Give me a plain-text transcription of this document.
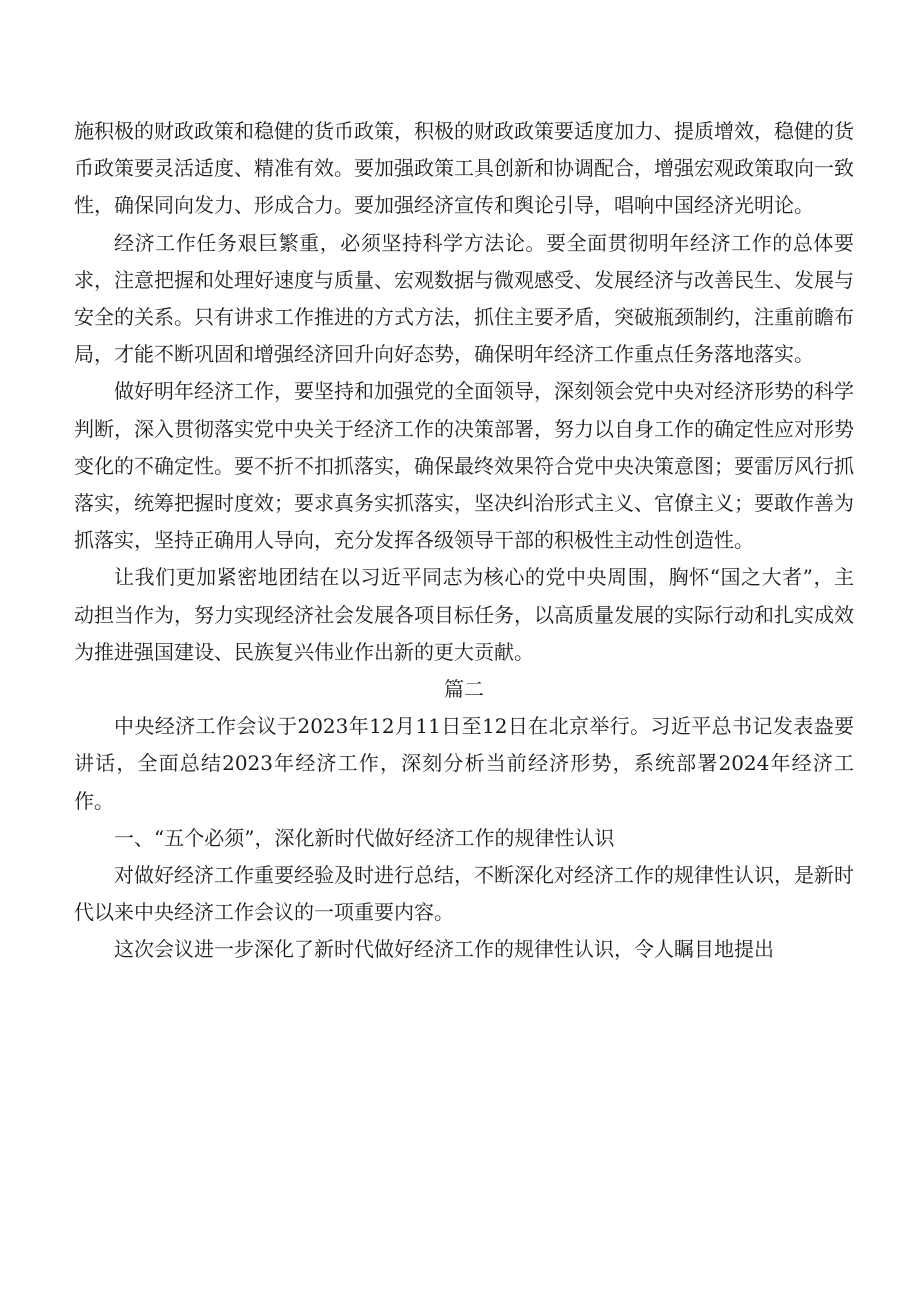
施积极的财政政策和稳健的货币政策，积极的财政政策要适度加力、提质增效，稳健的货币政策要灵活适度、精准有效。要加强政策工具创新和协调配合，增强宏观政策取向一致性，确保同向发力、形成合力。要加强经济宣传和舆论引导，唱响中国经济光明论。

经济工作任务艰巨繁重，必须坚持科学方法论。要全面贯彻明年经济工作的总体要求，注意把握和处理好速度与质量、宏观数据与微观感受、发展经济与改善民生、发展与安全的关系。只有讲求工作推进的方式方法，抓住主要矛盾，突破瓶颈制约，注重前瞻布局，才能不断巩固和增强经济回升向好态势，确保明年经济工作重点任务落地落实。

做好明年经济工作，要坚持和加强党的全面领导，深刻领会党中央对经济形势的科学判断，深入贯彻落实党中央关于经济工作的决策部署，努力以自身工作的确定性应对形势变化的不确定性。要不折不扣抓落实，确保最终效果符合党中央决策意图；要雷厉风行抓落实，统筹把握时度效；要求真务实抓落实，坚决纠治形式主义、官僚主义；要敢作善为抓落实，坚持正确用人导向，充分发挥各级领导干部的积极性主动性创造性。

让我们更加紧密地团结在以习近平同志为核心的党中央周围，胸怀“国之大者”，主动担当作为，努力实现经济社会发展各项目标任务，以高质量发展的实际行动和扎实成效为推进强国建设、民族复兴伟业作出新的更大贡献。

篇二

中央经济工作会议于2023年12月11日至12日在北京举行。习近平总书记发表盎要讲话，全面总结2023年经济工作，深刻分析当前经济形势，系统部署2024年经济工作。

一、“五个必须”，深化新时代做好经济工作的规律性认识

对做好经济工作重要经验及时进行总结，不断深化对经济工作的规律性认识，是新时代以来中央经济工作会议的一项重要内容。

这次会议进一步深化了新时代做好经济工作的规律性认识，令人瞩目地提出
